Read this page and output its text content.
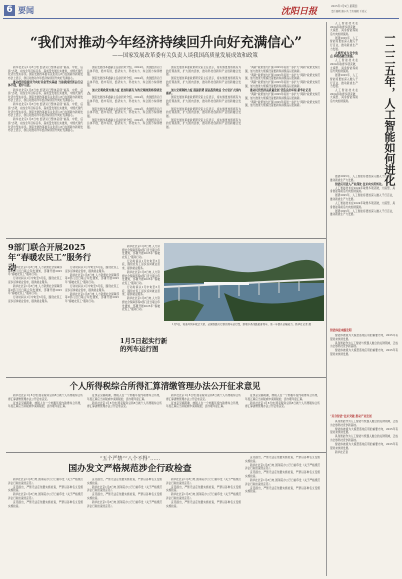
6 要闻	沈阳日报
2025年1月9日 星期四
责任编辑 谢小名 美术编辑 王春元
“我们对推动今年经济持续回升向好充满信心”
——国家发展改革委有关负责人谈我国高质量发展成效和政策

新华社北京1月8日电 经济运行整体呈现“前高、中低、后扬”态势，完成全年目标任务，高质量发展扎实推进，中国式现代化迈出坚实步伐。国家发展改革委有关负责人8日在国新办新闻发布会上表示，我们对推动今年经济持续回升向好充满信心。

推动经济持续回升向好具备坚实基础 当前我国经济运行总体平稳，稳中有进。

新华社北京1月8日电 经济运行整体呈现“前高、中低、后扬”态势，完成全年目标任务，高质量发展扎实推进，中国式现代化迈出坚实步伐。国家发展改革委有关负责人8日在国新办新闻发布会上表示，我们对推动今年经济持续回升向好充满信心。

新华社北京1月8日电 经济运行整体呈现“前高、中低、后扬”态势，完成全年目标任务，高质量发展扎实推进，中国式现代化迈出坚实步伐。国家发展改革委有关负责人8日在国新办新闻发布会上表示，我们对推动今年经济持续回升向好充满信心。

新华社北京1月8日电 经济运行整体呈现“前高、中低、后扬”态势，完成全年目标任务，高质量发展扎实推进，中国式现代化迈出坚实步伐。国家发展改革委有关负责人8日在国新办新闻发布会上表示，我们对推动今年经济持续回升向好充满信心。

国家发展改革委副主任赵辰昕介绍，2024年，我国经济运行总体平稳，稳中有进，经济实力、科技实力、综合国力持续增强。

国家发展改革委副主任赵辰昕介绍，2024年，我国经济运行总体平稳，稳中有进，经济实力、科技实力、综合国力持续增强。

加大宏观政策实施力度 更加积极有为的宏观政策将持续发力。

国家发展改革委副主任赵辰昕介绍，2024年，我国经济运行总体平稳，稳中有进，经济实力、科技实力、综合国力持续增强。

国家发展改革委副主任赵辰昕介绍，2024年，我国经济运行总体平稳，稳中有进，经济实力、科技实力、综合国力持续增强。

国家发展改革委副主任赵辰昕介绍，2024年，我国经济运行总体平稳，稳中有进，经济实力、科技实力、综合国力持续增强。

国家发展改革委政策研究室主任表示，将实施更加积极有为的宏观政策，扩大国内需求，推动科技创新和产业创新融合发展。

国家发展改革委政策研究室主任表示，将实施更加积极有为的宏观政策，扩大国内需求，推动科技创新和产业创新融合发展。

加大宏观调控力度 提振消费 提高投资效益 全方位扩大国内需求。

国家发展改革委政策研究室主任表示，将实施更加积极有为的宏观政策，扩大国内需求，推动科技创新和产业创新融合发展。

国家发展改革委政策研究室主任表示，将实施更加积极有为的宏观政策，扩大国内需求，推动科技创新和产业创新融合发展。

国家发展改革委政策研究室主任表示，将实施更加积极有为的宏观政策，扩大国内需求，推动科技创新和产业创新融合发展。

“两新”政策加力扩围 2025年将进一步扩大“两新”政策支持范围，加力推进大规模设备更新和消费品以旧换新。

“两新”政策加力扩围 2025年将进一步扩大“两新”政策支持范围，加力推进大规模设备更新和消费品以旧换新。

“两新”政策加力扩围 2025年将进一步扩大“两新”政策支持范围，加力推进大规模设备更新和消费品以旧换新。

推动民营经济高质量发展 营造良好环境 新华社记者

“两新”政策加力扩围 2025年将进一步扩大“两新”政策支持范围，加力推进大规模设备更新和消费品以旧换新。

“两新”政策加力扩围 2025年将进一步扩大“两新”政策支持范围，加力推进大规模设备更新和消费品以旧换新。

人工智能技术在2024年取得多项突破，大模型、具身智能等前沿方向加速演进。

展望2025年，人工智能将更加深入融入千行百业，推动新质生产力发展。

大模型成为竞争焦点 多模态融合加速。

人工智能技术在2024年取得多项突破，大模型、具身智能等前沿方向加速演进。

展望2025年，人工智能将更加深入融入千行百业，推动新质生产力发展。

人工智能技术在2024年取得多项突破，大模型、具身智能等前沿方向加速演进。	一二二五年，人工智能如何进化

展望2025年，人工智能将更加深入融入千行百业，推动新质生产力发展。

智能应用进入产业深处 技术向实用转化。

人工智能技术在2024年取得多项突破，大模型、具身智能等前沿方向加速演进。

展望2025年，人工智能将更加深入融入千行百业，推动新质生产力发展。

人工智能技术在2024年取得多项突破，大模型、具身智能等前沿方向加速演进。

展望2025年，人工智能将更加深入融入千行百业，推动新质生产力发展。

9部门联合开展2025年“春暖农民工”服务行动

新华社北京1月8日电 人力资源社会保障部等9部门近日联合印发通知，部署开展2025年“春暖农民工”服务行动。

行动时间从1月中旬至3月底，围绕农民工返乡返岗就业需求，提供就业服务。

新华社北京1月8日电 人力资源社会保障部等9部门近日联合印发通知，部署开展2025年“春暖农民工”服务行动。

行动时间从1月中旬至3月底，围绕农民工返乡返岗就业需求，提供就业服务。

行动时间从1月中旬至3月底，围绕农民工返乡返岗就业需求，提供就业服务。

新华社北京1月8日电 人力资源社会保障部等9部门近日联合印发通知，部署开展2025年“春暖农民工”服务行动。

行动时间从1月中旬至3月底，围绕农民工返乡返岗就业需求，提供就业服务。

新华社北京1月8日电 人力资源社会保障部等9部门近日联合印发通知，部署开展2025年“春暖农民工”服务行动。

新华社北京1月8日电 人力资源社会保障部等9部门近日联合印发通知，部署开展2025年“春暖农民工”服务行动。

行动时间从1月中旬至3月底，围绕农民工返乡返岗就业需求，提供就业服务。

新华社北京1月8日电 人力资源社会保障部等9部门近日联合印发通知，部署开展2025年“春暖农民工”服务行动。

行动时间从1月中旬至3月底，围绕农民工返乡返岗就业需求，提供就业服务。

新华社北京1月8日电 人力资源社会保障部等9部门近日联合印发通知，部署开展2025年“春暖农民工”服务行动。

1月5日起实行新的列车运行图
1月5日，和谐号列车驶过大桥。全国铁路实行新的列车运行图，新增多条线路旅客列车，进一步提升运输能力。新华社记者 摄
个人所得税综合所得汇算清缴管理办法公开征求意见

新华社北京1月8日电 国家税务总局8日就个人所得税综合所得汇算清缴管理办法公开征求意见。

征求意见稿明确，纳税人在一个纳税年度内取得综合所得，年度汇算应当补税或申请退税的，需办理年度汇算。

征求意见稿明确，纳税人在一个纳税年度内取得综合所得，年度汇算应当补税或申请退税的，需办理年度汇算。

新华社北京1月8日电 国家税务总局8日就个人所得税综合所得汇算清缴管理办法公开征求意见。

新华社北京1月8日电 国家税务总局8日就个人所得税综合所得汇算清缴管理办法公开征求意见。

征求意见稿明确，纳税人在一个纳税年度内取得综合所得，年度汇算应当补税或申请退税的，需办理年度汇算。

征求意见稿明确，纳税人在一个纳税年度内取得综合所得，年度汇算应当补税或申请退税的，需办理年度汇算。

新华社北京1月8日电 国家税务总局8日就个人所得税综合所得汇算清缴管理办法公开征求意见。

“五个严禁”“八个不得”……
国办发文严格规范涉企行政检查

新华社北京1月8日电 国务院办公厅日前印发《关于严格规范涉企行政检查的意见》。

意见提出，严禁无法定依据实施检查，严禁以各种名义变相实施检查。

新华社北京1月8日电 国务院办公厅日前印发《关于严格规范涉企行政检查的意见》。

意见提出，严禁无法定依据实施检查，严禁以各种名义变相实施检查。

意见提出，严禁无法定依据实施检查，严禁以各种名义变相实施检查。

新华社北京1月8日电 国务院办公厅日前印发《关于严格规范涉企行政检查的意见》。

意见提出，严禁无法定依据实施检查，严禁以各种名义变相实施检查。

新华社北京1月8日电 国务院办公厅日前印发《关于严格规范涉企行政检查的意见》。

新华社北京1月8日电 国务院办公厅日前印发《关于严格规范涉企行政检查的意见》。

意见提出，严禁无法定依据实施检查，严禁以各种名义变相实施检查。

新华社北京1月8日电 国务院办公厅日前印发《关于严格规范涉企行政检查的意见》。

意见提出，严禁无法定依据实施检查，严禁以各种名义变相实施检查。

意见提出，严禁无法定依据实施检查，严禁以各种名义变相实施检查。

新华社北京1月8日电 国务院办公厅日前印发《关于严格规范涉企行政检查的意见》。

意见提出，严禁无法定依据实施检查，严禁以各种名义变相实施检查。

新华社北京1月8日电 国务院办公厅日前印发《关于严格规范涉企行政检查的意见》。

意见提出，严禁无法定依据实施检查，严禁以各种名义变相实施检查。

智能体迎来爆发期

智能体被视为大模型落地应用的重要方向，2025年有望迎来快速发展。

具身智能作为人工智能与机器人融合的关键领域，正成为全球科技竞争新高地。

智能体被视为大模型落地应用的重要方向，2025年有望迎来快速发展。

“具身智能”技术突破 推动产业发展

具身智能作为人工智能与机器人融合的关键领域，正成为全球科技竞争新高地。

智能体被视为大模型落地应用的重要方向，2025年有望迎来快速发展。

具身智能作为人工智能与机器人融合的关键领域，正成为全球科技竞争新高地。

智能体被视为大模型落地应用的重要方向，2025年有望迎来快速发展。

新华社记者
